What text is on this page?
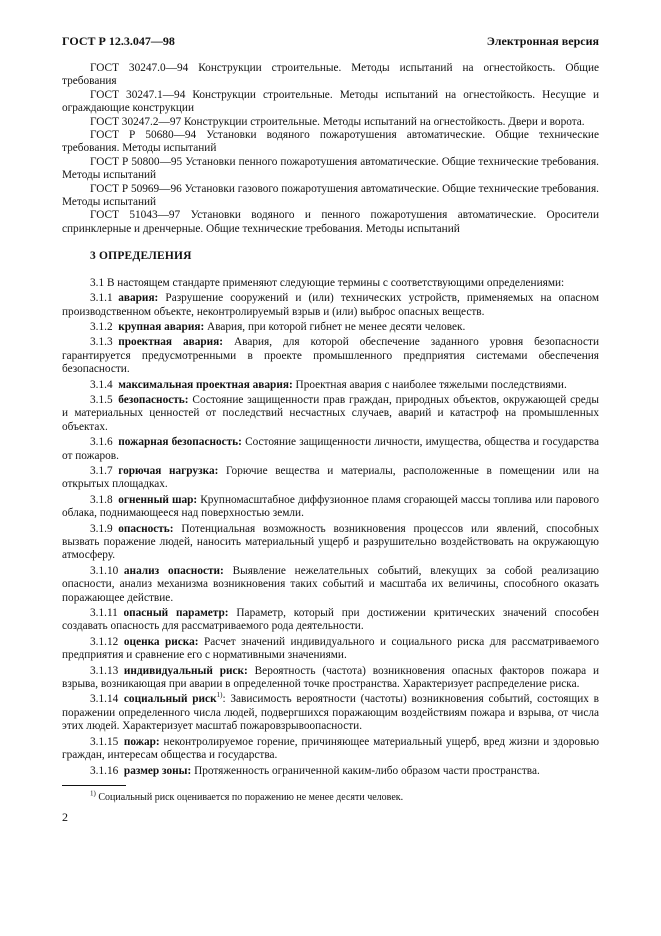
ГОСТ Р 12.3.047—98	Электронная версия

ГОСТ 30247.0—94 Конструкции строительные. Методы испытаний на огнестойкость. Общие требования

ГОСТ 30247.1—94 Конструкции строительные. Методы испытаний на огнестойкость. Несущие и ограждающие конструкции

ГОСТ 30247.2—97 Конструкции строительные. Методы испытаний на огнестойкость. Двери и ворота.

ГОСТ Р 50680—94 Установки водяного пожаротушения автоматические. Общие технические требования. Методы испытаний

ГОСТ Р 50800—95 Установки пенного пожаротушения автоматические. Общие технические требования. Методы испытаний

ГОСТ Р 50969—96 Установки газового пожаротушения автоматические. Общие технические требования. Методы испытаний

ГОСТ 51043—97 Установки водяного и пенного пожаротушения автоматические. Оросители спринклерные и дренчерные. Общие технические требования. Методы испытаний

3 ОПРЕДЕЛЕНИЯ

3.1 В настоящем стандарте применяют следующие термины с соответствующими определениями:

3.1.1  авария: Разрушение сооружений и (или) технических устройств, применяемых на опасном производственном объекте, неконтролируемый взрыв и (или) выброс опасных веществ.

3.1.2  крупная авария: Авария, при которой гибнет не менее десяти человек.

3.1.3  проектная авария: Авария, для которой обеспечение заданного уровня безопасности гарантируется предусмотренными в проекте промышленного предприятия системами обеспечения безопасности.

3.1.4  максимальная проектная авария: Проектная авария с наиболее тяжелыми последствиями.

3.1.5  безопасность: Состояние защищенности прав граждан, природных объектов, окружающей среды и материальных ценностей от последствий несчастных случаев, аварий и катастроф на промышленных объектах.

3.1.6  пожарная безопасность: Состояние защищенности личности, имущества, общества и государства от пожаров.

3.1.7  горючая нагрузка: Горючие вещества и материалы, расположенные в помещении или на открытых площадках.

3.1.8  огненный шар: Крупномасштабное диффузионное пламя сгорающей массы топлива или парового облака, поднимающееся над поверхностью земли.

3.1.9  опасность: Потенциальная возможность возникновения процессов или явлений, способных вызвать поражение людей, наносить материальный ущерб и разрушительно воздействовать на окружающую атмосферу.

3.1.10  анализ опасности: Выявление нежелательных событий, влекущих за собой реализацию опасности, анализ механизма возникновения таких событий и масштаба их величины, способного оказать поражающее действие.

3.1.11  опасный параметр: Параметр, который при достижении критических значений способен создавать опасность для рассматриваемого рода деятельности.

3.1.12  оценка риска: Расчет значений индивидуального и социального риска для рассматриваемого предприятия и сравнение его с нормативными значениями.

3.1.13  индивидуальный риск: Вероятность (частота) возникновения опасных факторов пожара и взрыва, возникающая при аварии в определенной точке пространства. Характеризует распределение риска.

3.1.14  социальный риск$^{1)}$: Зависимость вероятности (частоты) возникновения событий, состоящих в поражении определенного числа людей, подвергшихся поражающим воздействиям пожара и взрыва, от числа этих людей. Характеризует масштаб пожаровзрывоопасности.

3.1.15  пожар: неконтролируемое горение, причиняющее материальный ущерб, вред жизни и здоровью граждан, интересам общества и государства.

3.1.16  размер зоны: Протяженность ограниченной каким-либо образом части пространства.

$^{1)}$ Социальный риск оценивается по поражению не менее десяти человек.
2
